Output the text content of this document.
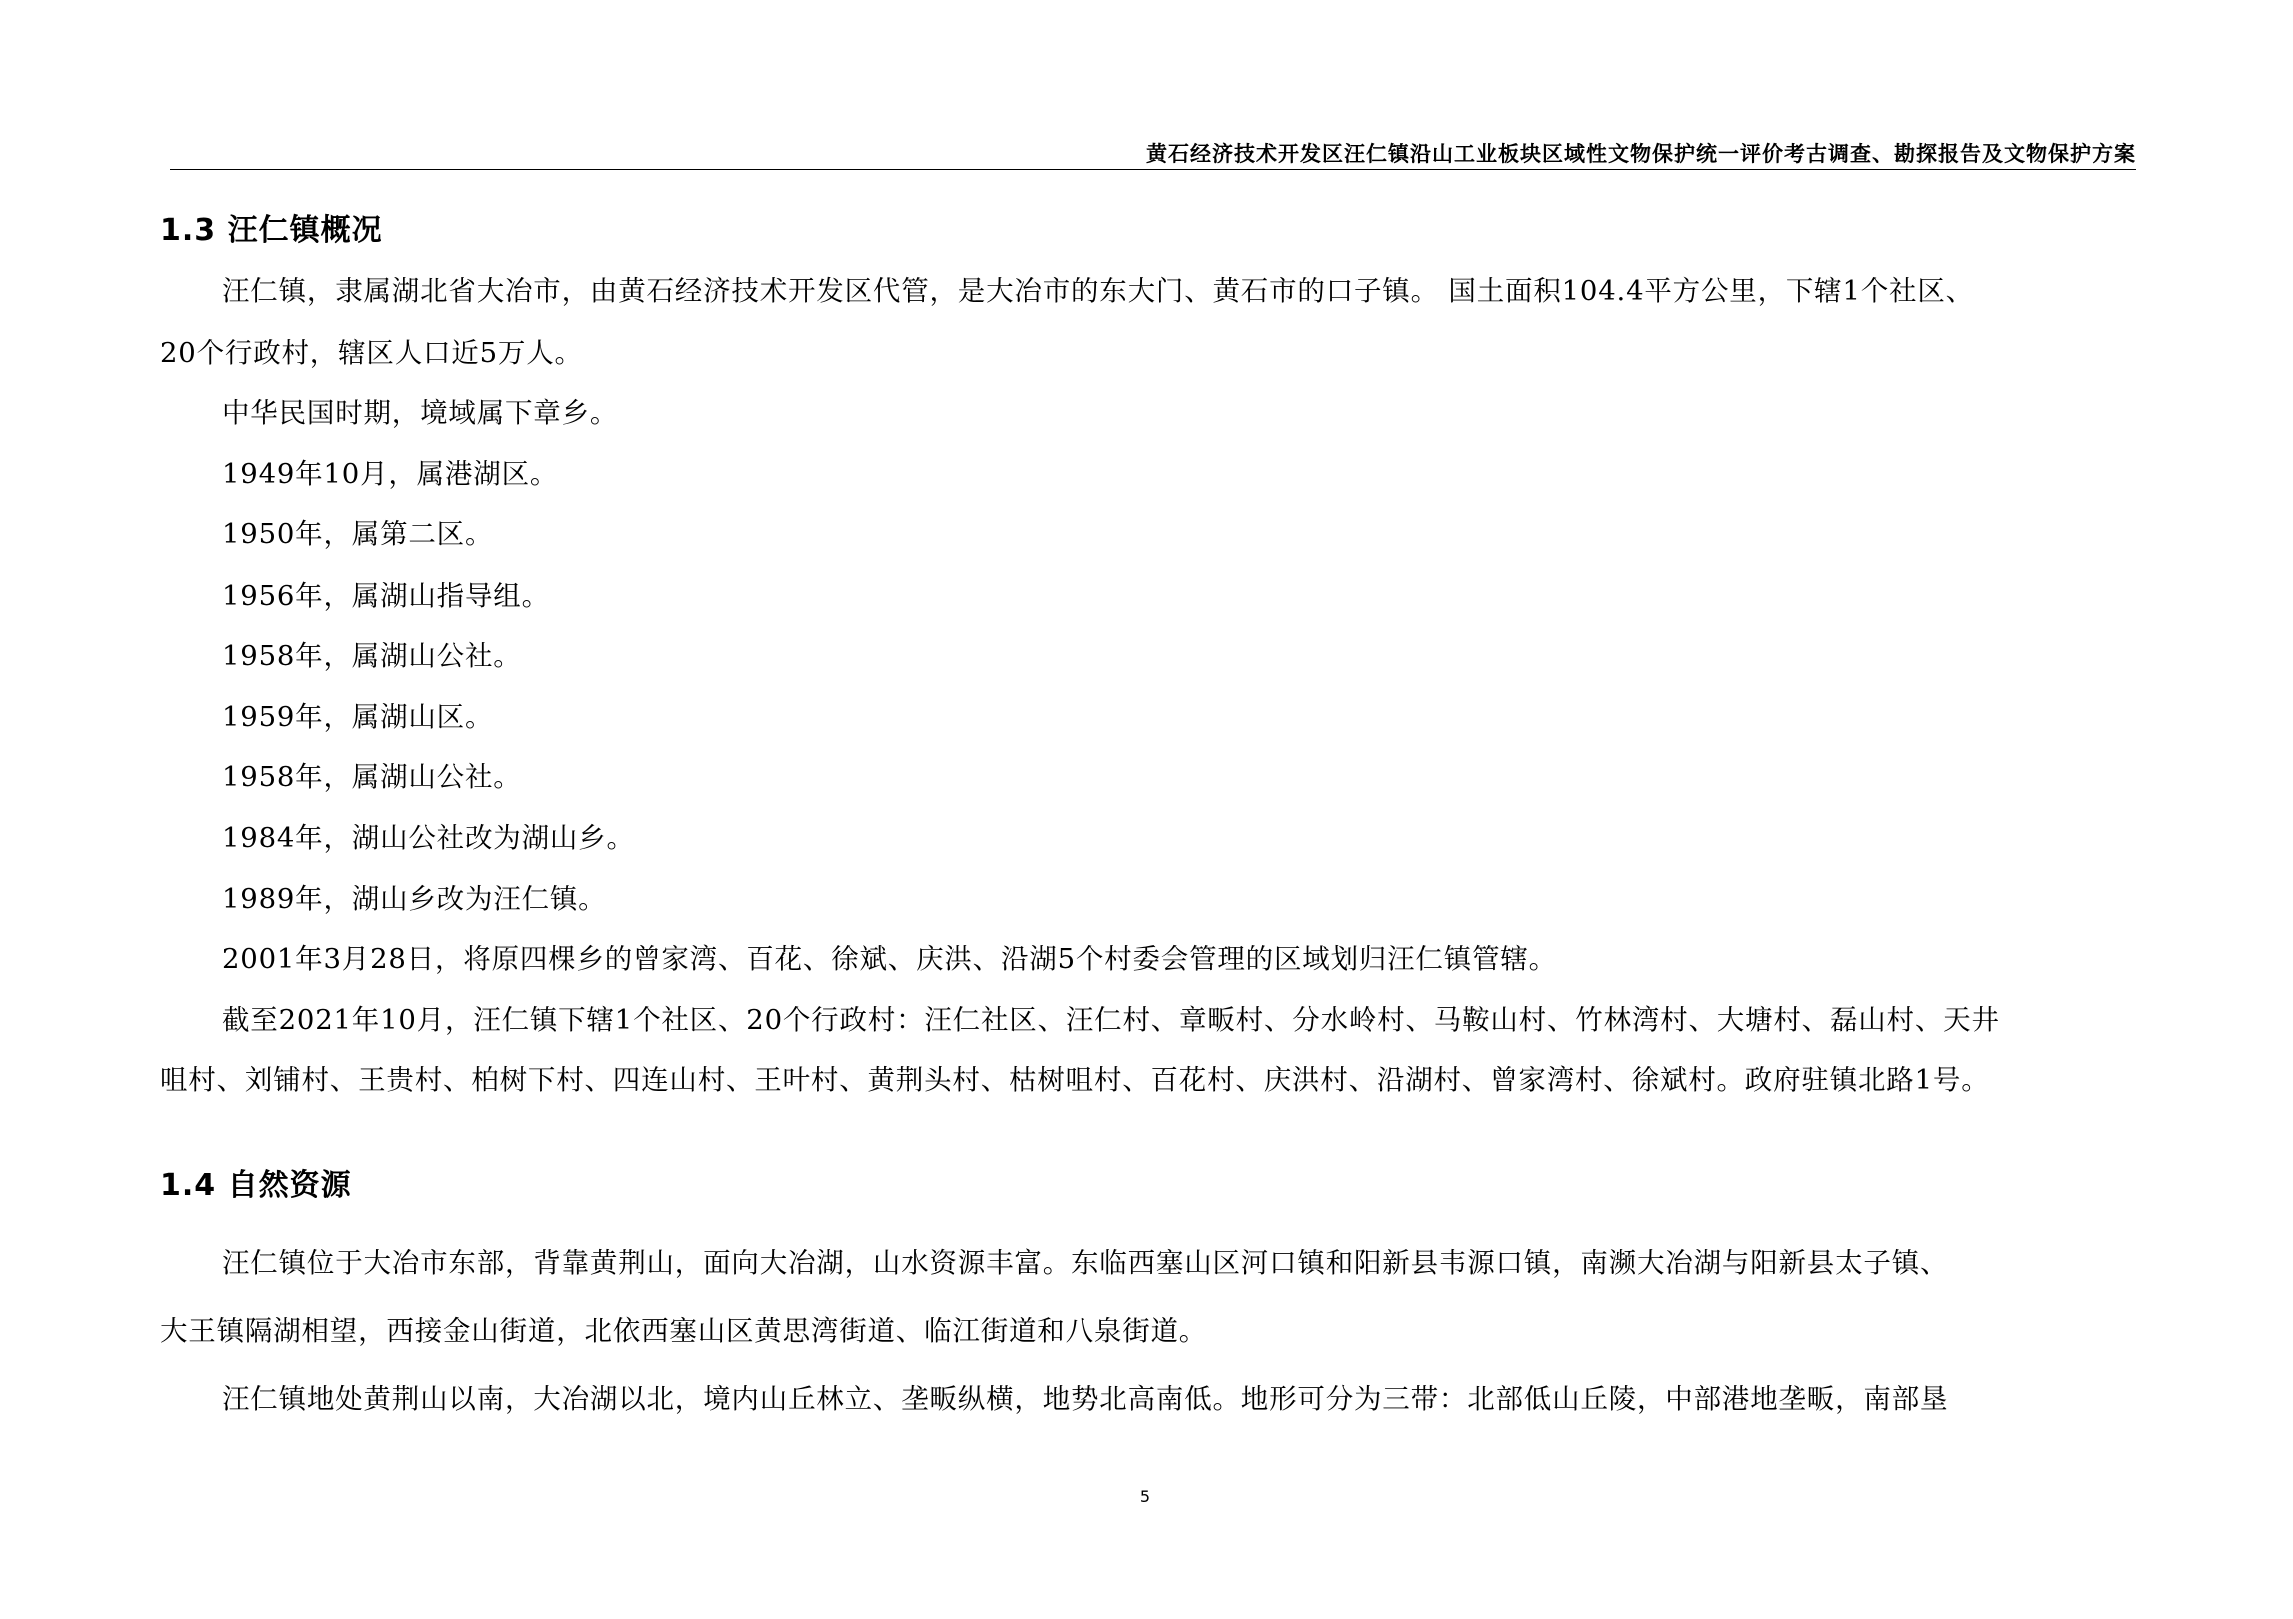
黄石经济技术开发区汪仁镇沿山工业板块区域性文物保护统一评价考古调查、勘探报告及文物保护方案
1.3 汪仁镇概况
汪仁镇，隶属湖北省大冶市，由黄石经济技术开发区代管，是大冶市的东大门、黄石市的口子镇。 国土面积104.4平方公里，下辖1个社区、
20个行政村，辖区人口近5万人。
中华民国时期，境域属下章乡。
1949年10月，属港湖区。
1950年，属第二区。
1956年，属湖山指导组。
1958年，属湖山公社。
1959年，属湖山区。
1958年，属湖山公社。
1984年，湖山公社改为湖山乡。
1989年，湖山乡改为汪仁镇。
2001年3月28日，将原四棵乡的曾家湾、百花、徐斌、庆洪、沿湖5个村委会管理的区域划归汪仁镇管辖。
截至2021年10月，汪仁镇下辖1个社区、20个行政村：汪仁社区、汪仁村、章畈村、分水岭村、马鞍山村、竹林湾村、大塘村、磊山村、天井
咀村、刘铺村、王贵村、柏树下村、四连山村、王叶村、黄荆头村、枯树咀村、百花村、庆洪村、沿湖村、曾家湾村、徐斌村。政府驻镇北路1号。
1.4 自然资源
汪仁镇位于大冶市东部，背靠黄荆山，面向大冶湖，山水资源丰富。东临西塞山区河口镇和阳新县韦源口镇，南濒大冶湖与阳新县太子镇、
大王镇隔湖相望，西接金山街道，北依西塞山区黄思湾街道、临江街道和八泉街道。
汪仁镇地处黄荆山以南，大冶湖以北，境内山丘林立、垄畈纵横，地势北高南低。地形可分为三带：北部低山丘陵，中部港地垄畈，南部垦
5
